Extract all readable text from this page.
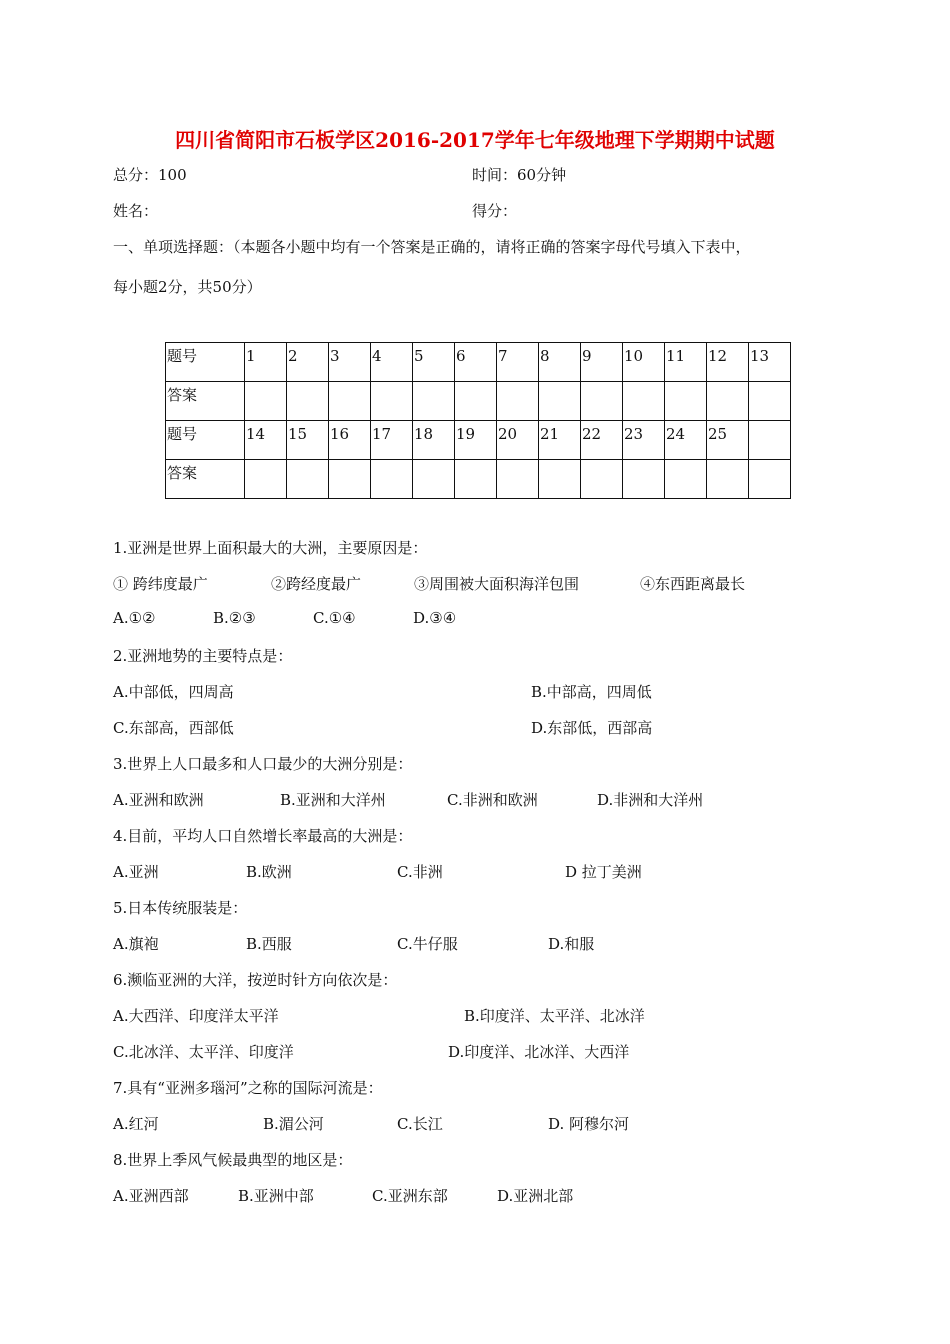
四川省简阳市石板学区2016-2017学年七年级地理下学期期中试题
总分：100	时间：60分钟
姓名：	得分：
一、单项选择题：（本题各小题中均有一个答案是正确的，请将正确的答案字母代号填入下表中，
每小题2分，共50分）
题号	1	2	3	4	5	6	7	8	9	10	11	12	13
答案													
题号	14	15	16	17	18	19	20	21	22	23	24	25	
答案													
1.亚洲是世界上面积最大的大洲，主要原因是：
① 跨纬度最广	②跨经度最广	③周围被大面积海洋包围	④东西距离最长
A.①②	B.②③	C.①④	D.③④
2.亚洲地势的主要特点是：
A.中部低，四周高	B.中部高，四周低
C.东部高，西部低	D.东部低，西部高
3.世界上人口最多和人口最少的大洲分别是：
A.亚洲和欧洲	B.亚洲和大洋州	C.非洲和欧洲	D.非洲和大洋州
4.目前，平均人口自然增长率最高的大洲是：
A.亚洲	B.欧洲	C.非洲	D 拉丁美洲
5.日本传统服装是：
A.旗袍	B.西服	C.牛仔服	D.和服
6.濒临亚洲的大洋，按逆时针方向依次是：
A.大西洋、印度洋太平洋	B.印度洋、太平洋、北冰洋
C.北冰洋、太平洋、印度洋	D.印度洋、北冰洋、大西洋
7.具有“亚洲多瑙河”之称的国际河流是：
A.红河	B.湄公河	C.长江	D. 阿穆尔河
8.世界上季风气候最典型的地区是：
A.亚洲西部	B.亚洲中部	C.亚洲东部	D.亚洲北部
